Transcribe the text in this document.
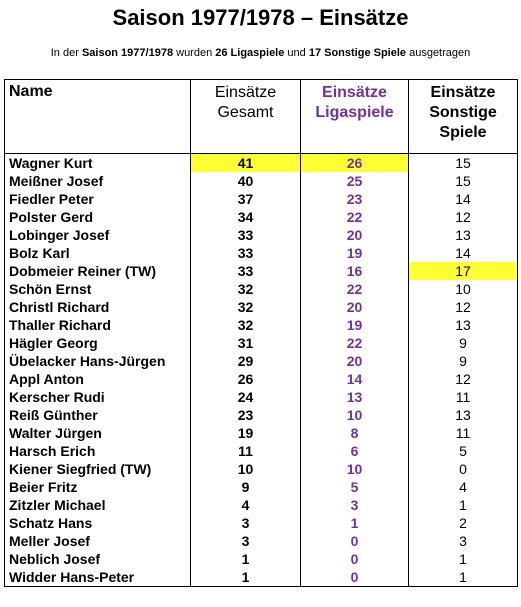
Saison 1977/1978 – Einsätze
In der Saison 1977/1978 wurden 26 Ligaspiele und 17 Sonstige Spiele ausgetragen
Name	Einsätze Gesamt	Einsätze Ligaspiele	Einsätze Sonstige Spiele
Wagner Kurt	41	26	15
Meißner Josef	40	25	15
Fiedler Peter	37	23	14
Polster Gerd	34	22	12
Lobinger Josef	33	20	13
Bolz Karl	33	19	14
Dobmeier Reiner (TW)	33	16	17
Schön Ernst	32	22	10
Christl Richard	32	20	12
Thaller Richard	32	19	13
Hägler Georg	31	22	9
Übelacker Hans-Jürgen	29	20	9
Appl Anton	26	14	12
Kerscher Rudi	24	13	11
Reiß Günther	23	10	13
Walter Jürgen	19	8	11
Harsch Erich	11	6	5
Kiener Siegfried (TW)	10	10	0
Beier Fritz	9	5	4
Zitzler Michael	4	3	1
Schatz Hans	3	1	2
Meller Josef	3	0	3
Neblich Josef	1	0	1
Widder Hans-Peter	1	0	1
